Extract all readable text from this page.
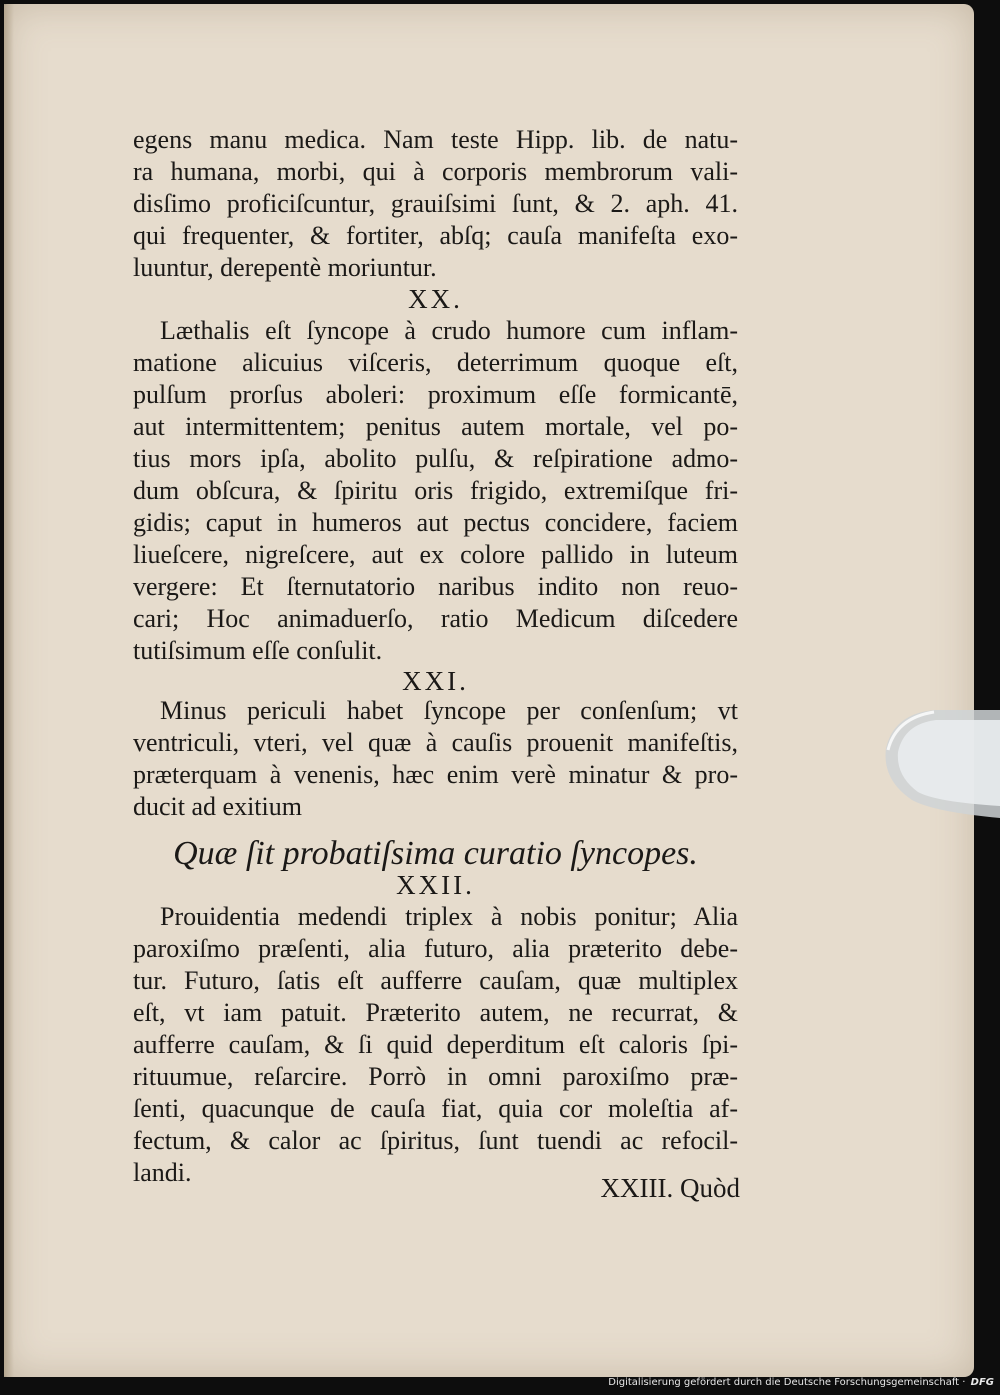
egens manu medica. Nam teste Hipp. lib. de natu-
ra humana, morbi, qui à corporis membrorum vali-
disſimo proficiſcuntur, grauiſsimi ſunt, & 2. aph. 41.
qui frequenter, & fortiter, abſq; cauſa manifeſta exo-
luuntur, derepentè moriuntur.
XX.
Læthalis eſt ſyncope à crudo humore cum inflam-
matione alicuius viſceris, deterrimum quoque eſt,
pulſum prorſus aboleri: proximum eſſe formicantē,
aut intermittentem; penitus autem mortale, vel po-
tius mors ipſa, abolito pulſu, & reſpiratione admo-
dum obſcura, & ſpiritu oris frigido, extremiſque fri-
gidis; caput in humeros aut pectus concidere, faciem
liueſcere, nigreſcere, aut ex colore pallido in luteum
vergere: Et ſternutatorio naribus indito non reuo-
cari; Hoc animaduerſo, ratio Medicum diſcedere
tutiſsimum eſſe conſulit.
XXI.
Minus periculi habet ſyncope per conſenſum; vt
ventriculi, vteri, vel quæ à cauſis prouenit manifeſtis,
præterquam à venenis, hæc enim verè minatur & pro-
ducit ad exitium
Quæ ſit probatiſsima curatio ſyncopes.
XXII.
Prouidentia medendi triplex à nobis ponitur; Alia
paroxiſmo præſenti, alia futuro, alia præterito debe-
tur. Futuro, ſatis eſt aufferre cauſam, quæ multiplex
eſt, vt iam patuit. Præterito autem, ne recurrat, &
aufferre cauſam, & ſi quid deperditum eſt caloris ſpi-
rituumue, reſarcire. Porrò in omni paroxiſmo præ-
ſenti, quacunque de cauſa fiat, quia cor moleſtia af-
fectum, & calor ac ſpiritus, ſunt tuendi ac refocil-
landi.
XXIII. Quòd
Digitalisierung gefördert durch die Deutsche Forschungsgemeinschaft · DFG
